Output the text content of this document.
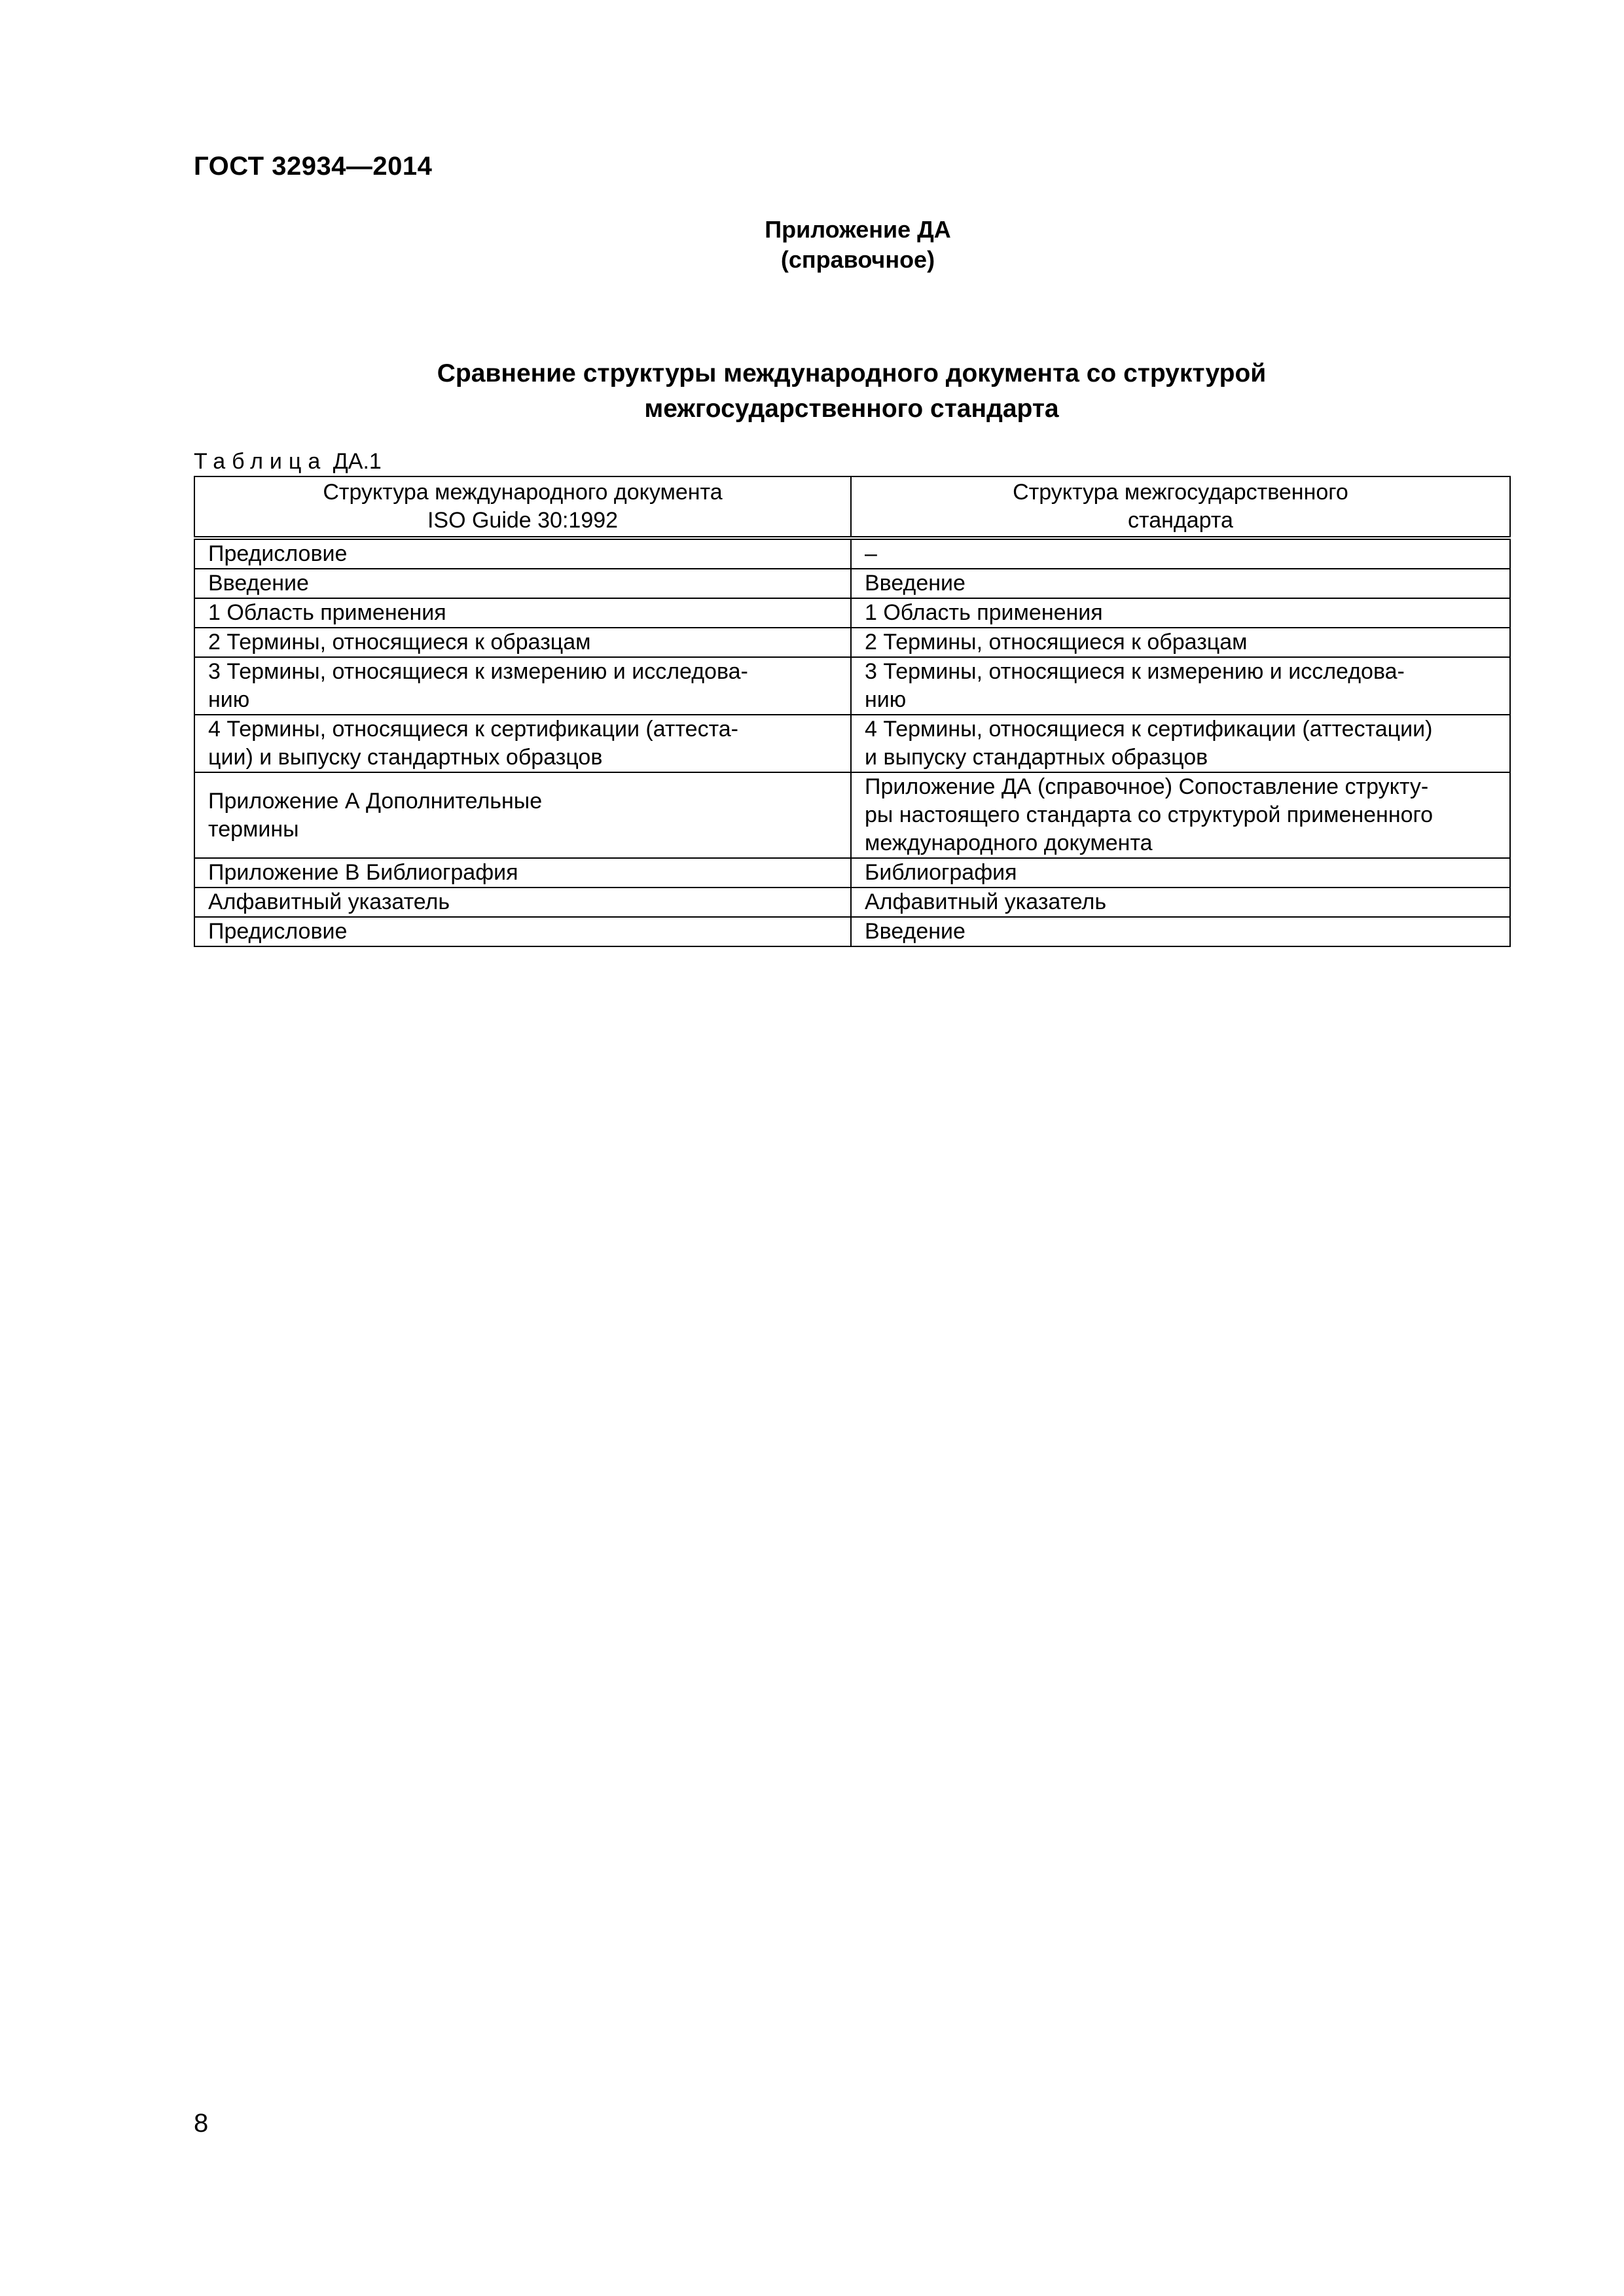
ГОСТ 32934—2014
Приложение ДА
(справочное)
Сравнение структуры международного документа со структурой
межгосударственного стандарта
Таблица ДА.1
Структура международного документа
ISO Guide 30:1992	Структура межгосударственного
стандарта

Предисловие	–

Введение	Введение

1 Область применения	1 Область применения

2 Термины, относящиеся к образцам	2 Термины, относящиеся к образцам

3 Термины, относящиеся к измерению и исследова-
нию	3 Термины, относящиеся к измерению и исследова-
нию

4 Термины, относящиеся к сертификации (аттеста-
ции) и выпуску стандартных образцов	4 Термины, относящиеся к сертификации (аттестации)
и выпуску стандартных образцов

Приложение А Дополнительные
термины	Приложение ДА (справочное) Сопоставление структу-
ры настоящего стандарта со структурой примененного
международного документа

Приложение В Библиография	Библиография

Алфавитный указатель	Алфавитный указатель

Предисловие	Введение
8
